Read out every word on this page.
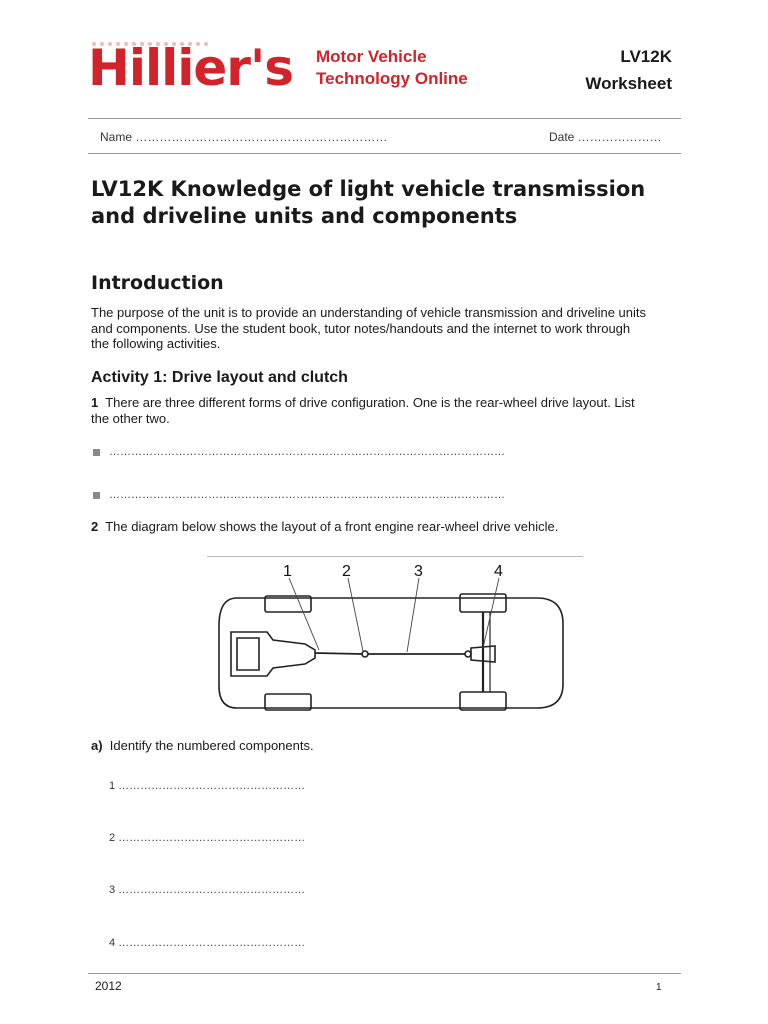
Hillier's Motor Vehicle
Technology Online
LV12K
Worksheet
Name ………………………………………………………	Date …………………
LV12K Knowledge of light vehicle transmission and driveline units and components
Introduction
The purpose of the unit is to provide an understanding of vehicle transmission and driveline units and components. Use the student book, tutor notes/handouts and the internet to work through the following activities.
Activity 1: Drive layout and clutch
1 There are three different forms of drive configuration. One is the rear-wheel drive layout. List the other two.
………………………………………………………………………………………………
………………………………………………………………………………………………
2 The diagram below shows the layout of a front engine rear-wheel drive vehicle.
1	2	3	4
a) Identify the numbered components.
1 ……………………………………………
2 ……………………………………………
3 ……………………………………………
4 ……………………………………………
2012	1
